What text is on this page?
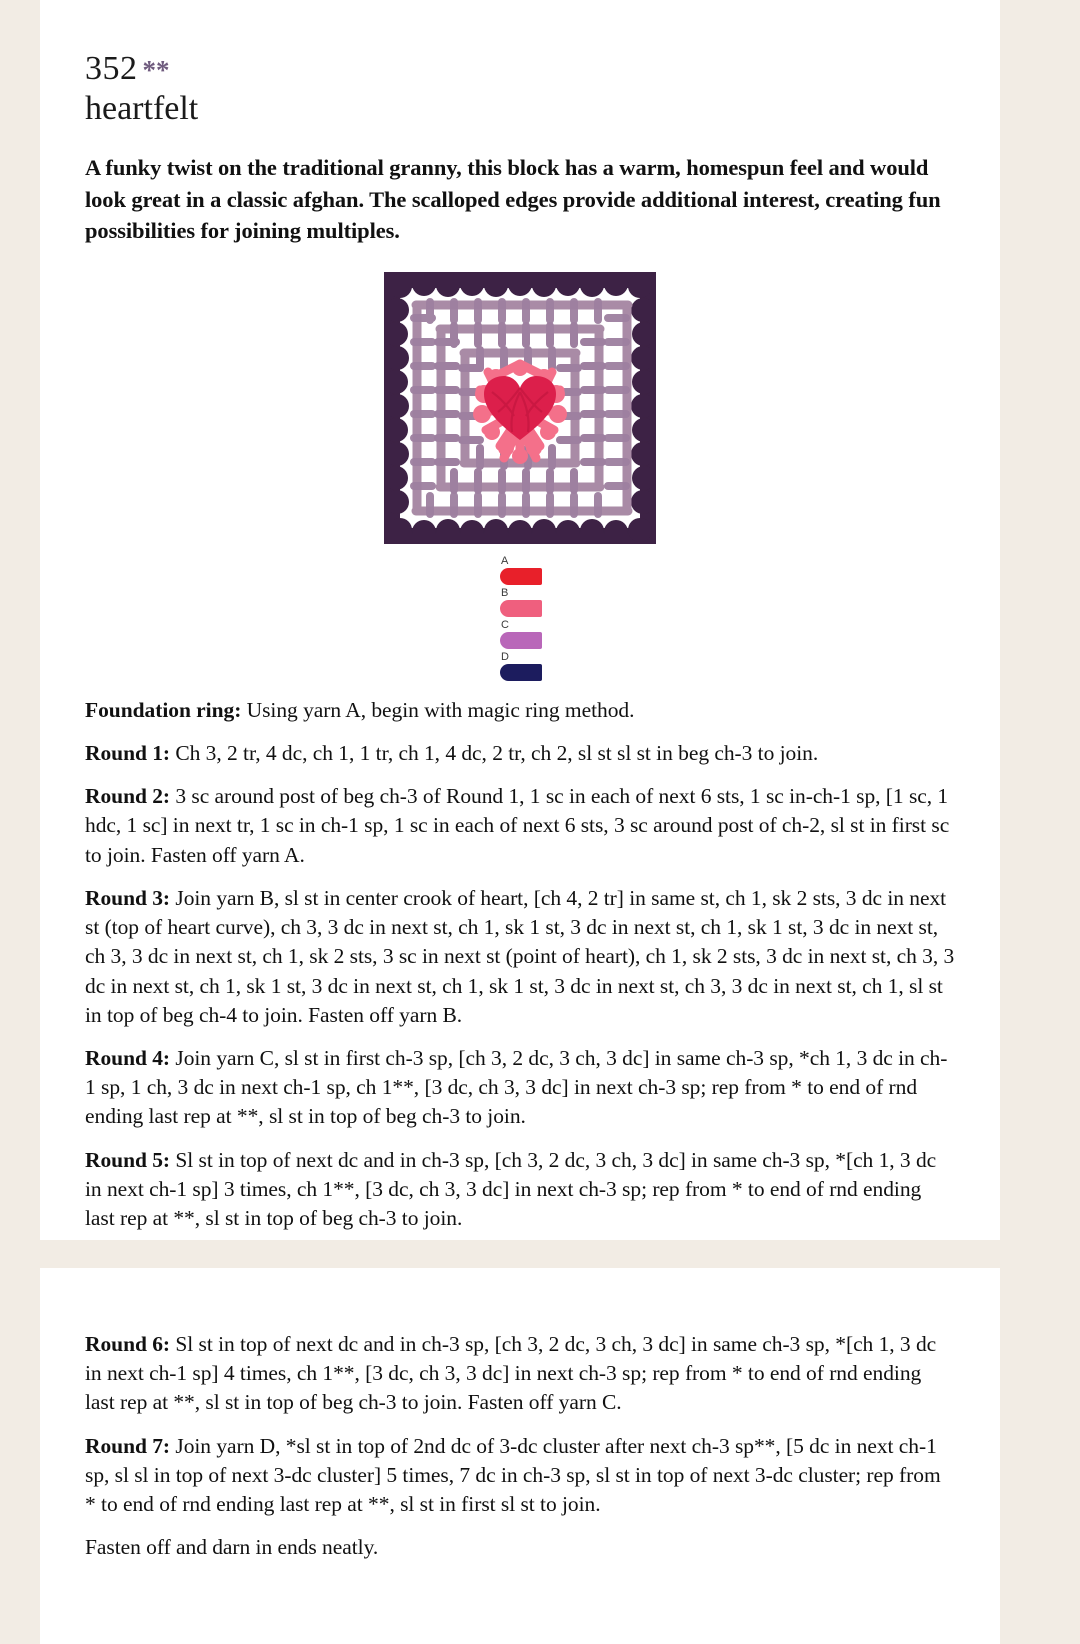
352 **
heartfelt
A funky twist on the traditional granny, this block has a warm, homespun feel and would look great in a classic afghan. The scalloped edges provide additional interest, creating fun possibilities for joining multiples.
A
B
C
D

Foundation ring: Using yarn A, begin with magic ring method.

Round 1: Ch 3, 2 tr, 4 dc, ch 1, 1 tr, ch 1, 4 dc, 2 tr, ch 2, sl st sl st in beg ch-3 to join.

Round 2: 3 sc around post of beg ch-3 of Round 1, 1 sc in each of next 6 sts, 1 sc in-ch-1 sp, [1 sc, 1 hdc, 1 sc] in next tr, 1 sc in ch-1 sp, 1 sc in each of next 6 sts, 3 sc around post of ch-2, sl st in first sc to join. Fasten off yarn A.

Round 3: Join yarn B, sl st in center crook of heart, [ch 4, 2 tr] in same st, ch 1, sk 2 sts, 3 dc in next st (top of heart curve), ch 3, 3 dc in next st, ch 1, sk 1 st, 3 dc in next st, ch 1, sk 1 st, 3 dc in next st, ch 3, 3 dc in next st, ch 1, sk 2 sts, 3 sc in next st (point of heart), ch 1, sk 2 sts, 3 dc in next st, ch 3, 3 dc in next st, ch 1, sk 1 st, 3 dc in next st, ch 1, sk 1 st, 3 dc in next st, ch 3, 3 dc in next st, ch 1, sl st in top of beg ch-4 to join. Fasten off yarn B.

Round 4: Join yarn C, sl st in first ch-3 sp, [ch 3, 2 dc, 3 ch, 3 dc] in same ch-3 sp, *ch 1, 3 dc in ch-1 sp, 1 ch, 3 dc in next ch-1 sp, ch 1**, [3 dc, ch 3, 3 dc] in next ch-3 sp; rep from * to end of rnd ending last rep at **, sl st in top of beg ch-3 to join.

Round 5: Sl st in top of next dc and in ch-3 sp, [ch 3, 2 dc, 3 ch, 3 dc] in same ch-3 sp, *[ch 1, 3 dc in next ch-1 sp] 3 times, ch 1**, [3 dc, ch 3, 3 dc] in next ch-3 sp; rep from * to end of rnd ending last rep at **, sl st in top of beg ch-3 to join.

Round 6: Sl st in top of next dc and in ch-3 sp, [ch 3, 2 dc, 3 ch, 3 dc] in same ch-3 sp, *[ch 1, 3 dc in next ch-1 sp] 4 times, ch 1**, [3 dc, ch 3, 3 dc] in next ch-3 sp; rep from * to end of rnd ending last rep at **, sl st in top of beg ch-3 to join. Fasten off yarn C.

Round 7: Join yarn D, *sl st in top of 2nd dc of 3-dc cluster after next ch-3 sp**, [5 dc in next ch-1 sp, sl sl in top of next 3-dc cluster] 5 times, 7 dc in ch-3 sp, sl st in top of next 3-dc cluster; rep from * to end of rnd ending last rep at **, sl st in first sl st to join.

Fasten off and darn in ends neatly.
